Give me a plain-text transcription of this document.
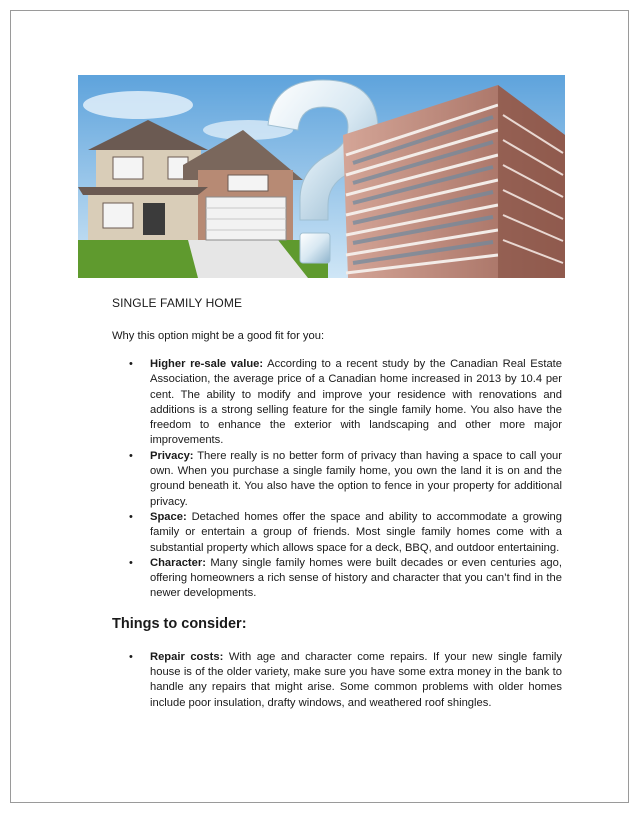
SINGLE FAMILY HOME

Why this option might be a good fit for you:

• Higher re-sale value: According to a recent study by the Canadian Real Estate Association, the average price of a Canadian home increased in 2013 by 10.4 per cent. The ability to modify and improve your residence with renovations and additions is a strong selling feature for the single family home. You also have the freedom to enhance the exterior with landscaping and other more major improvements.
• Privacy: There really is no better form of privacy than having a space to call your own. When you purchase a single family home, you own the land it is on and the ground beneath it. You also have the option to fence in your property for additional privacy.
• Space: Detached homes offer the space and ability to accommodate a growing family or entertain a group of friends. Most single family homes come with a substantial property which allows space for a deck, BBQ, and outdoor entertaining.
• Character: Many single family homes were built decades or even centuries ago, offering homeowners a rich sense of history and character that you can’t find in the newer developments.
Things to consider:
• Repair costs: With age and character come repairs. If your new single family house is of the older variety, make sure you have some extra money in the bank to handle any repairs that might arise. Some common problems with older homes include poor insulation, drafty windows, and weathered roof shingles.
